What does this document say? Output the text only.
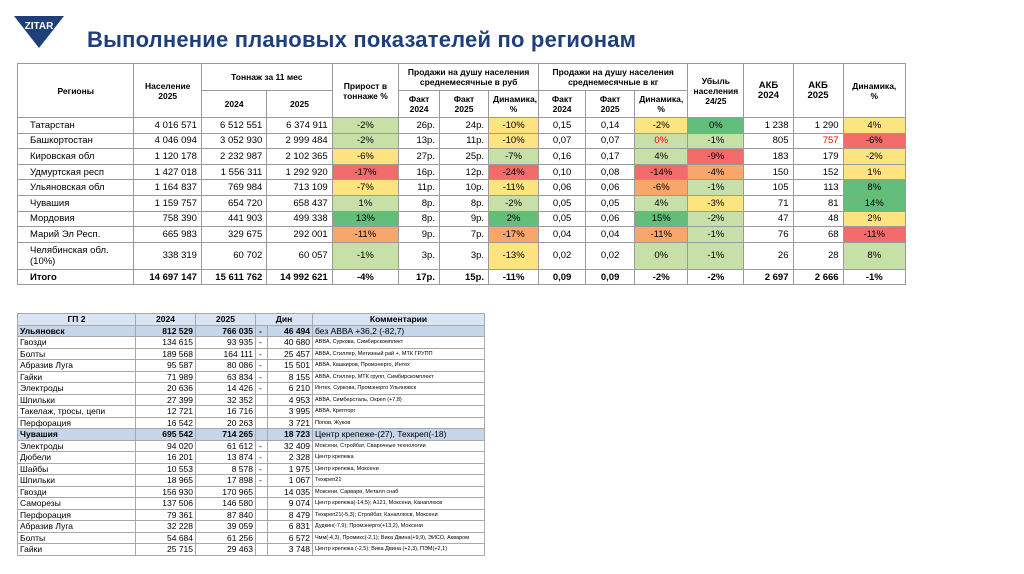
ZITAR
Выполнение плановых показателей по регионам
Регионы	Население 2025	Тоннаж за 11 мес		Прирост в тоннаже %	Продажи на душу населения среднемесячные в руб			Продажи на душу населения среднемесячные в кг			Убыль населения 24/25	АКБ 2024	АКБ 2025	Динамика, %
		2024	2025		Факт 2024	Факт 2025	Динамика, %	Факт 2024	Факт 2025	Динамика, %				
Татарстан	4 016 571	6 512 551	6 374 911	-2%	26р.	24р.	-10%	0,15	0,14	-2%	0%	1 238	1 290	4%
Башкортостан	4 046 094	3 052 930	2 999 484	-2%	13р.	11р.	-10%	0,07	0,07	0%	-1%	805	757	-6%
Кировская обл	1 120 178	2 232 987	2 102 365	-6%	27р.	25р.	-7%	0,16	0,17	4%	-9%	183	179	-2%
Удмуртская респ	1 427 018	1 556 311	1 292 920	-17%	16р.	12р.	-24%	0,10	0,08	-14%	-4%	150	152	1%
Ульяновская обл	1 164 837	769 984	713 109	-7%	11р.	10р.	-11%	0,06	0,06	-6%	-1%	105	113	8%
Чувашия	1 159 757	654 720	658 437	1%	8р.	8р.	-2%	0,05	0,05	4%	-3%	71	81	14%
Мордовия	758 390	441 903	499 338	13%	8р.	9р.	2%	0,05	0,06	15%	-2%	47	48	2%
Марий Эл Респ.	665 983	329 675	292 001	-11%	9р.	7р.	-17%	0,04	0,04	-11%	-1%	76	68	-11%
Челябинская обл. (10%)	338 319	60 702	60 057	-1%	3р.	3р.	-13%	0,02	0,02	0%	-1%	26	28	8%
Итого	14 697 147	15 611 762	14 992 621	-4%	17р.	15р.	-11%	0,09	0,09	-2%	-2%	2 697	2 666	-1%
ГП 2	2024	2025	Дин		Комментарии
Ульяновск	812 529	766 035	-	46 494	без АВВА +36,2 (-82,7)
Гвозди	134 615	93 935	-	40 680	АВВА, Суркова, Симбирскомплект
Болты	189 568	164 111	-	25 457	АВВА, Стиллер, Метизный рай +, МТК ГРУПП
Абразив Луга	95 587	80 086	-	15 501	АВВА, Кашкиров, Промэнерго, Интех
Гайки	71 989	63 834	-	8 155	АВВА, Стиллер, МТК групп, Симбирскомплект
Электроды	20 636	14 426	-	6 210	Интех, Суркова, Промэнерго Ульяновск
Шпильки	27 399	32 352		4 953	АВВА, Симберсталь, Окреп (+7,8)
Такелаж, тросы, цепи	12 721	16 716		3 995	АВВА, Крепторг
Перфорация	16 542	20 263		3 721	Попов, Жуков
Чувашия	695 542	714 265		18 723	Центр крепеже-(27), Техкреп(-18)
Электроды	94 020	61 612	-	32 409	Моксени, Стройбат, Сварочные технологии
Дюбели	16 201	13 874	-	2 328	Центр крепежа
Шайбы	10 553	8 578	-	1 975	Центр крепежа, Моксени
Шпильки	18 965	17 898	-	1 067	Техкреп21
Гвозди	156 930	170 965		14 035	Моксени, Сарвари, Металл снаб
Саморезы	137 506	146 580		9 074	Центр крепежа(-14,5); А121, Моксени, Канаплюсв
Перфорация	79 361	87 840		8 479	Техкреп21(-5,3); Стройбат, Канаплюсв, Моксени
Абразив Луга	32 228	39 059		6 831	Дудкин(-7,9); Промэнерго(+13,2), Моксени
Болты	54 684	61 256		6 572	Чмм(-4,3), Промикс(-2,1); Вика Двина(+9,9), ЭИСО, Акваром
Гайки	25 715	29 463		3 748	Центр крепежа (-2,5); Вика Двина (+2,3), ПЭМ(+2,1)
